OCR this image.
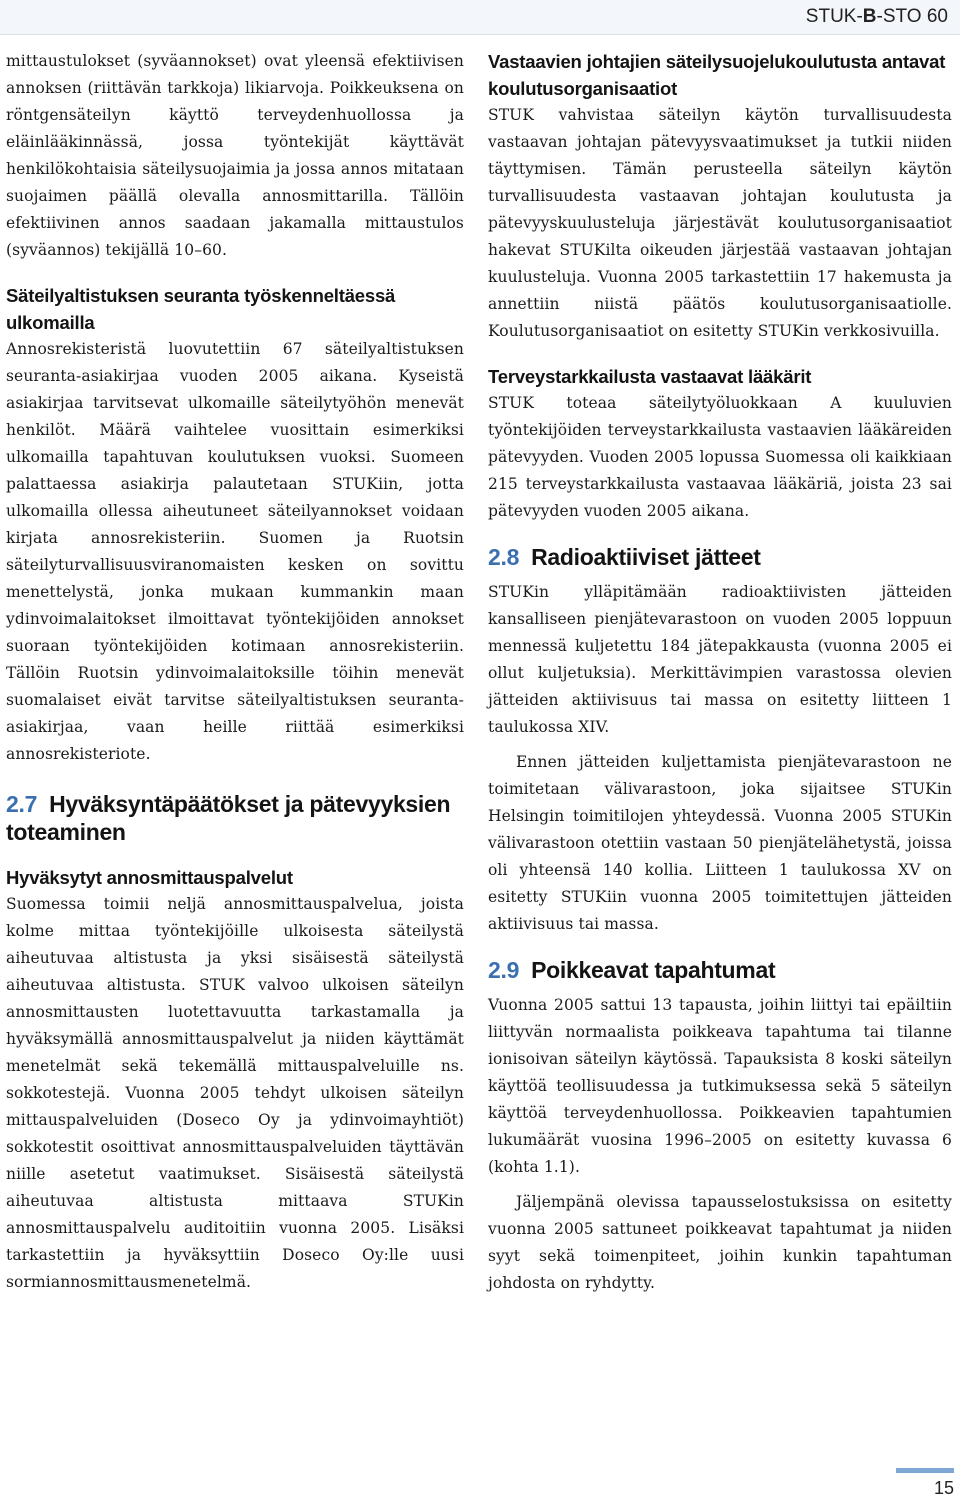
STUK-B-STO 60

mittaustulokset (syväannokset) ovat yleensä efektiivisen annoksen (riittävän tarkkoja) likiarvoja. Poikkeuksena on röntgensäteilyn käyttö terveydenhuollossa ja eläinlääkinnässä, jossa työntekijät käyttävät henkilökohtaisia säteilysuojaimia ja jossa annos mitataan suojaimen päällä olevalla annosmittarilla. Tällöin efektiivinen annos saadaan jakamalla mittaustulos (syväannos) tekijällä 10–60.

Säteilyaltistuksen seuranta työskenneltäessä ulkomailla

Annosrekisteristä luovutettiin 67 säteilyaltistuksen seuranta-asiakirjaa vuoden 2005 aikana. Kyseistä asiakirjaa tarvitsevat ulkomaille säteilytyöhön menevät henkilöt. Määrä vaihtelee vuosittain esimerkiksi ulkomailla tapahtuvan koulutuksen vuoksi. Suomeen palattaessa asiakirja palautetaan STUKiin, jotta ulkomailla ollessa aiheutuneet säteilyannokset voidaan kirjata annosrekisteriin. Suomen ja Ruotsin säteilyturvallisuusviranomaisten kesken on sovittu menettelystä, jonka mukaan kummankin maan ydinvoimalaitokset ilmoittavat työntekijöiden annokset suoraan työntekijöiden kotimaan annosrekisteriin. Tällöin Ruotsin ydinvoimalaitoksille töihin menevät suomalaiset eivät tarvitse säteilyaltistuksen seuranta-asiakirjaa, vaan heille riittää esimerkiksi annosrekisteriote.

2.7 Hyväksyntäpäätökset ja pätevyyksien toteaminen
Hyväksytyt annosmittauspalvelut

Suomessa toimii neljä annosmittauspalvelua, joista kolme mittaa työntekijöille ulkoisesta säteilystä aiheutuvaa altistusta ja yksi sisäisestä säteilystä aiheutuvaa altistusta. STUK valvoo ulkoisen säteilyn annosmittausten luotettavuutta tarkastamalla ja hyväksymällä annosmittauspalvelut ja niiden käyttämät menetelmät sekä tekemällä mittauspalveluille ns. sokkotestejä. Vuonna 2005 tehdyt ulkoisen säteilyn mittauspalveluiden (Doseco Oy ja ydinvoimayhtiöt) sokkotestit osoittivat annosmittauspalveluiden täyttävän niille asetetut vaatimukset. Sisäisestä säteilystä aiheutuvaa altistusta mittaava STUKin annosmittauspalvelu auditoitiin vuonna 2005. Lisäksi tarkastettiin ja hyväksyttiin Doseco Oy:lle uusi sormiannosmittausmenetelmä.

Vastaavien johtajien säteilysuojelukoulutusta antavat koulutusorganisaatiot

STUK vahvistaa säteilyn käytön turvallisuudesta vastaavan johtajan pätevyysvaatimukset ja tutkii niiden täyttymisen. Tämän perusteella säteilyn käytön turvallisuudesta vastaavan johtajan koulutusta ja pätevyyskuulusteluja järjestävät koulutusorganisaatiot hakevat STUKilta oikeuden järjestää vastaavan johtajan kuulusteluja. Vuonna 2005 tarkastettiin 17 hakemusta ja annettiin niistä päätös koulutusorganisaatiolle. Koulutusorganisaatiot on esitetty STUKin verkkosivuilla.

Terveystarkkailusta vastaavat lääkärit

STUK toteaa säteilytyöluokkaan A kuuluvien työntekijöiden terveystarkkailusta vastaavien lääkäreiden pätevyyden. Vuoden 2005 lopussa Suomessa oli kaikkiaan 215 terveystarkkailusta vastaavaa lääkäriä, joista 23 sai pätevyyden vuoden 2005 aikana.

2.8 Radioaktiiviset jätteet

STUKin ylläpitämään radioaktiivisten jätteiden kansalliseen pienjätevarastoon on vuoden 2005 loppuun mennessä kuljetettu 184 jätepakkausta (vuonna 2005 ei ollut kuljetuksia). Merkittävimpien varastossa olevien jätteiden aktiivisuus tai massa on esitetty liitteen 1 taulukossa XIV.

Ennen jätteiden kuljettamista pienjätevarastoon ne toimitetaan välivarastoon, joka sijaitsee STUKin Helsingin toimitilojen yhteydessä. Vuonna 2005 STUKin välivarastoon otettiin vastaan 50 pienjätelähetystä, joissa oli yhteensä 140 kollia. Liitteen 1 taulukossa XV on esitetty STUKiin vuonna 2005 toimitettujen jätteiden aktiivisuus tai massa.

2.9 Poikkeavat tapahtumat

Vuonna 2005 sattui 13 tapausta, joihin liittyi tai epäiltiin liittyvän normaalista poikkeava tapahtuma tai tilanne ionisoivan säteilyn käytössä. Tapauksista 8 koski säteilyn käyttöä teollisuudessa ja tutkimuksessa sekä 5 säteilyn käyttöä terveydenhuollossa. Poikkeavien tapahtumien lukumäärät vuosina 1996–2005 on esitetty kuvassa 6 (kohta 1.1).

Jäljempänä olevissa tapausselostuksissa on esitetty vuonna 2005 sattuneet poikkeavat tapahtumat ja niiden syyt sekä toimenpiteet, joihin kunkin tapahtuman johdosta on ryhdytty.

15
